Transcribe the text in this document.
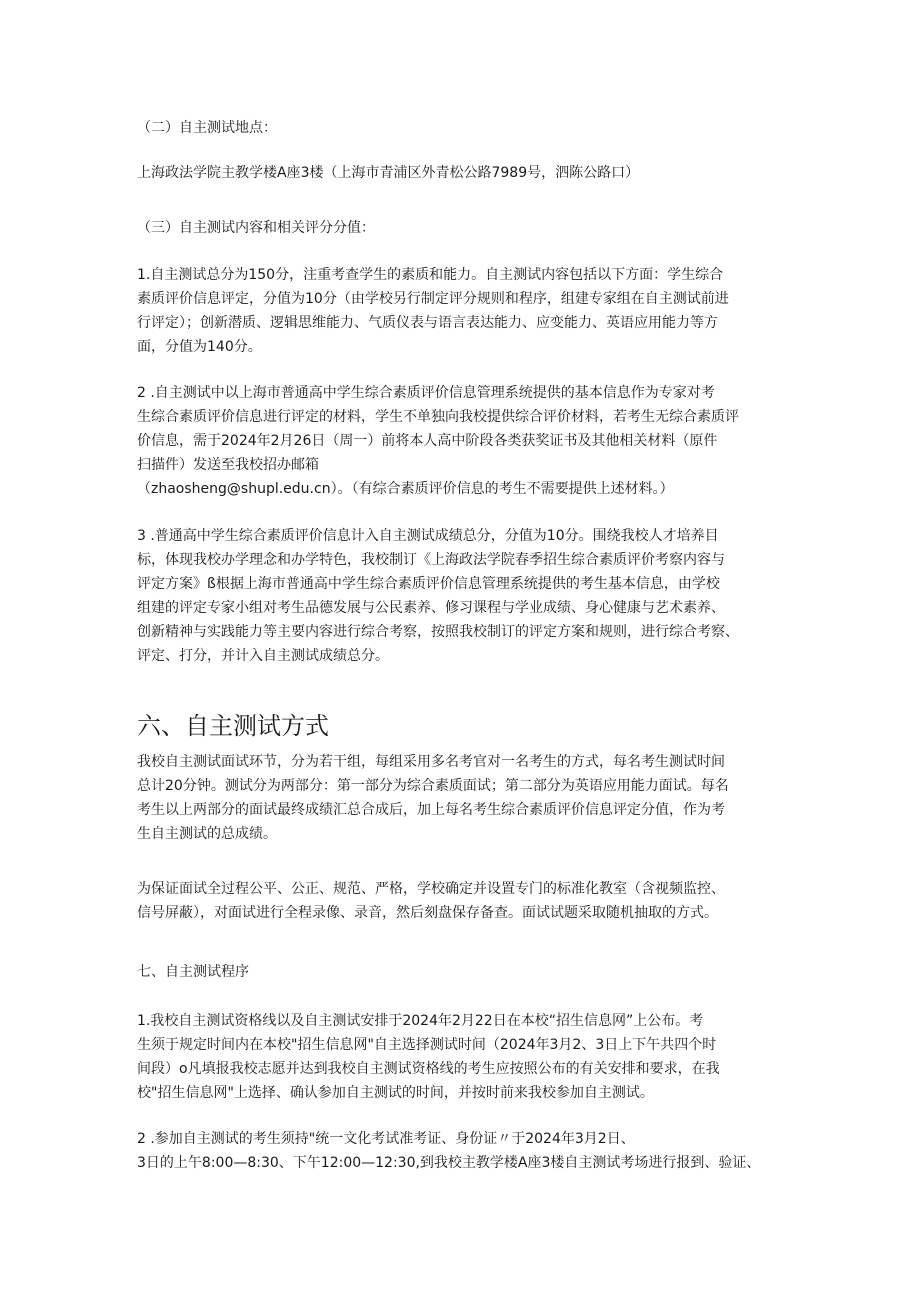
（二）自主测试地点：
上海政法学院主教学楼A座3楼（上海市青浦区外青松公路7989号，泗陈公路口）
（三）自主测试内容和相关评分分值：
1.自主测试总分为150分，注重考查学生的素质和能力。自主测试内容包括以下方面：学生综合
素质评价信息评定，分值为10分（由学校另行制定评分规则和程序，组建专家组在自主测试前进
行评定）；创新潜质、逻辑思维能力、气质仪表与语言表达能力、应变能力、英语应用能力等方
面，分值为140分。
2 .自主测试中以上海市普通高中学生综合素质评价信息管理系统提供的基本信息作为专家对考
生综合素质评价信息进行评定的材料，学生不单独向我校提供综合评价材料，若考生无综合素质评
价信息，需于2024年2月26日（周一）前将本人高中阶段各类获奖证书及其他相关材料（原件
扫描件）发送至我校招办邮箱
（zhaosheng@shupl.edu.cn）。（有综合素质评价信息的考生不需要提供上述材料。）
3 .普通高中学生综合素质评价信息计入自主测试成绩总分，分值为10分。围绕我校人才培养目
标，体现我校办学理念和办学特色，我校制订《上海政法学院春季招生综合素质评价考察内容与
评定方案》ß根据上海市普通高中学生综合素质评价信息管理系统提供的考生基本信息，由学校
组建的评定专家小组对考生品德发展与公民素养、修习课程与学业成绩、身心健康与艺术素养、
创新精神与实践能力等主要内容进行综合考察，按照我校制订的评定方案和规则，进行综合考察、
评定、打分，并计入自主测试成绩总分。
六、自主测试方式
我校自主测试面试环节，分为若干组，每组采用多名考官对一名考生的方式，每名考生测试时间
总计20分钟。测试分为两部分：第一部分为综合素质面试；第二部分为英语应用能力面试。每名
考生以上两部分的面试最终成绩汇总合成后，加上每名考生综合素质评价信息评定分值，作为考
生自主测试的总成绩。
为保证面试全过程公平、公正、规范、严格，学校确定并设置专门的标准化教室（含视频监控、
信号屏蔽），对面试进行全程录像、录音，然后刻盘保存备查。面试试题采取随机抽取的方式。
七、自主测试程序
1.我校自主测试资格线以及自主测试安排于2024年2月22日在本校“招生信息网”上公布。考
生须于规定时间内在本校"招生信息网"自主选择测试时间（2024年3月2、3日上下午共四个时
间段）o凡填报我校志愿并达到我校自主测试资格线的考生应按照公布的有关安排和要求，在我
校"招生信息网"上选择、确认参加自主测试的时间，并按时前来我校参加自主测试。
2 .参加自主测试的考生须持"统一文化考试准考证、身份证〃于2024年3月2日、
3日的上午8:00—8:30、下午12:00—12:30,到我校主教学楼A座3楼自主测试考场进行报到、验证、
